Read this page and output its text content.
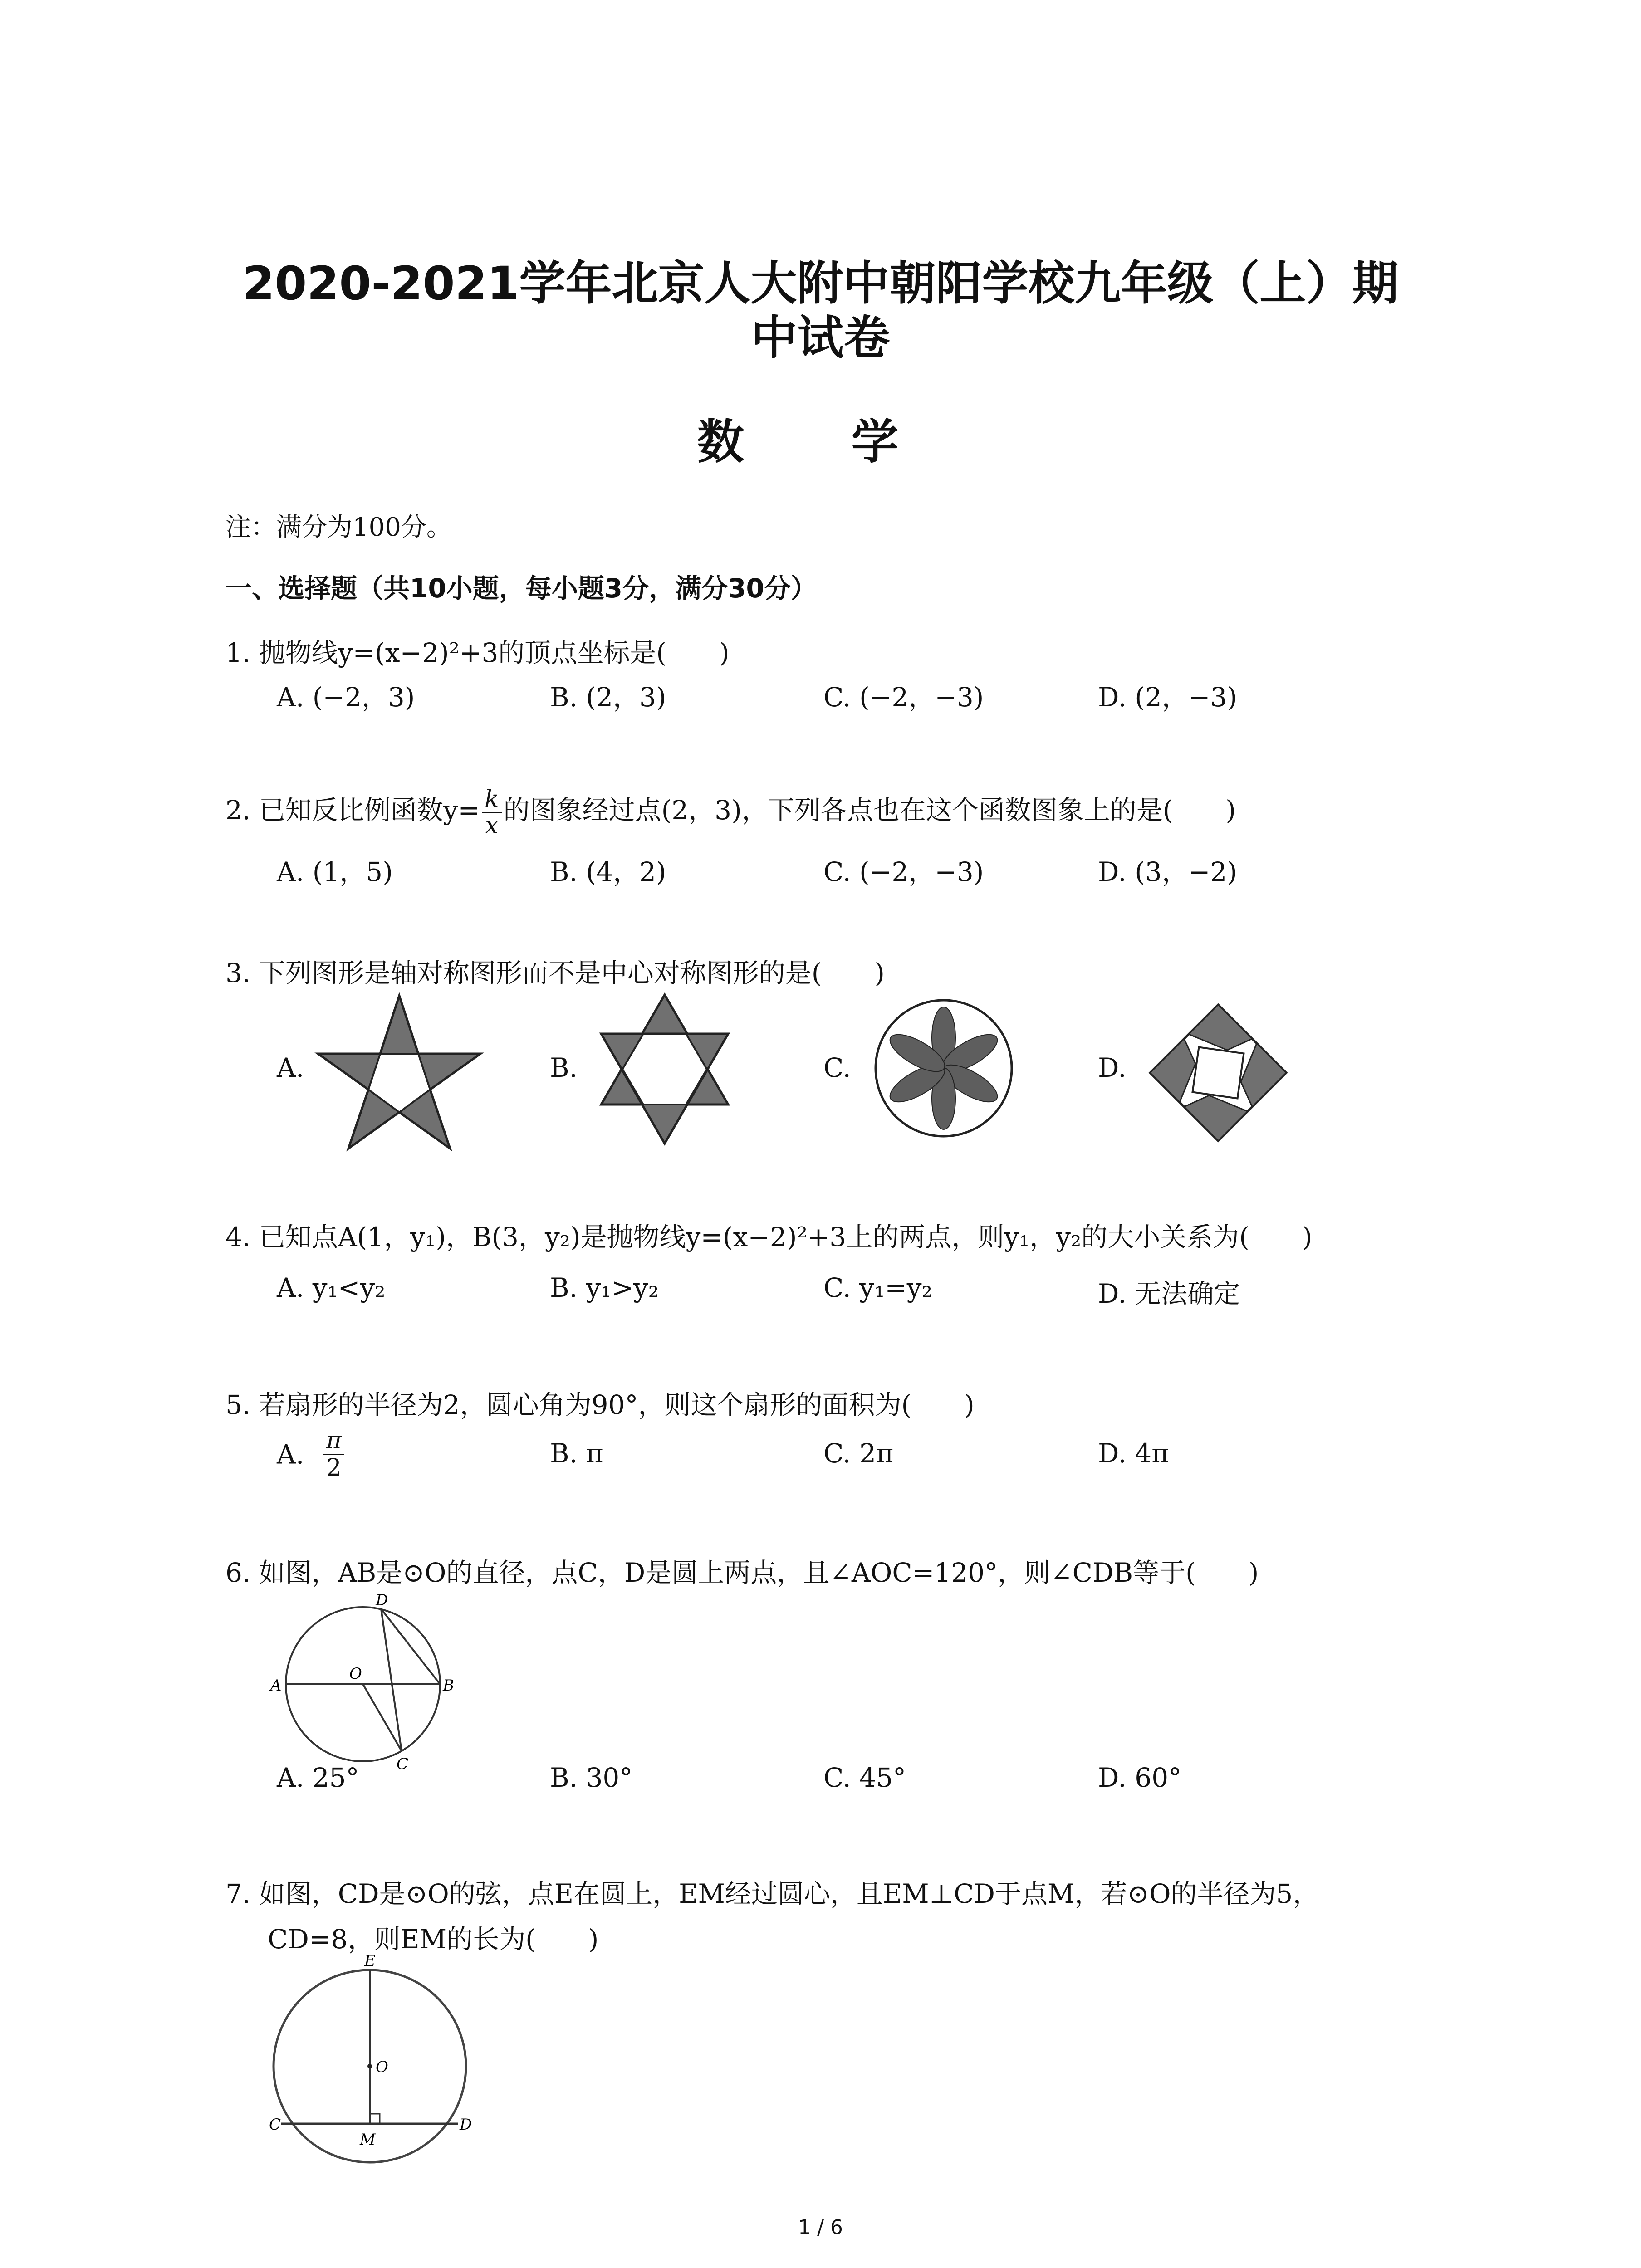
2020-2021学年北京人大附中朝阳学校九年级（上）期
中试卷
数 学
注：满分为100分。
一、选择题（共10小题，每小题3分，满分30分）
1. 抛物线y=(x−2)²+3的顶点坐标是(　　)
A. (−2，3)	B. (2，3)	C. (−2，−3)	D. (2，−3)
2. 已知反比例函数$y= \frac{k}{x}$ 的图象经过点(2，3)，下列各点也在这个函数图象上的是(　　)
A. (1，5)	B. (4，2)	C. (−2，−3)	D. (3，−2)
3. 下列图形是轴对称图形而不是中心对称图形的是(　　)
A.	B.	C.	D.
4. 已知点A(1，y₁)，B(3，y₂)是抛物线y=(x−2)²+3上的两点，则y₁，y₂的大小关系为(　　)
A. y₁<y₂	B. y₁>y₂	C. y₁=y₂	D. 无法确定
5. 若扇形的半径为2，圆心角为90°，则这个扇形的面积为(　　)
A. $\frac{\pi}{2}$	B. π	C. 2π	D. 4π
6. 如图，AB是⊙O的直径，点C，D是圆上两点，且∠AOC=120°，则∠CDB等于(　　)
A	B
C
D
O
A. 25°	B. 30°	C. 45°	D. 60°
7. 如图，CD是⊙O的弦，点E在圆上，EM经过圆心，且EM⊥CD于点M，若⊙O的半径为5，
CD=8，则EM的长为(　　)
E
O
C	D
M
1 / 6
